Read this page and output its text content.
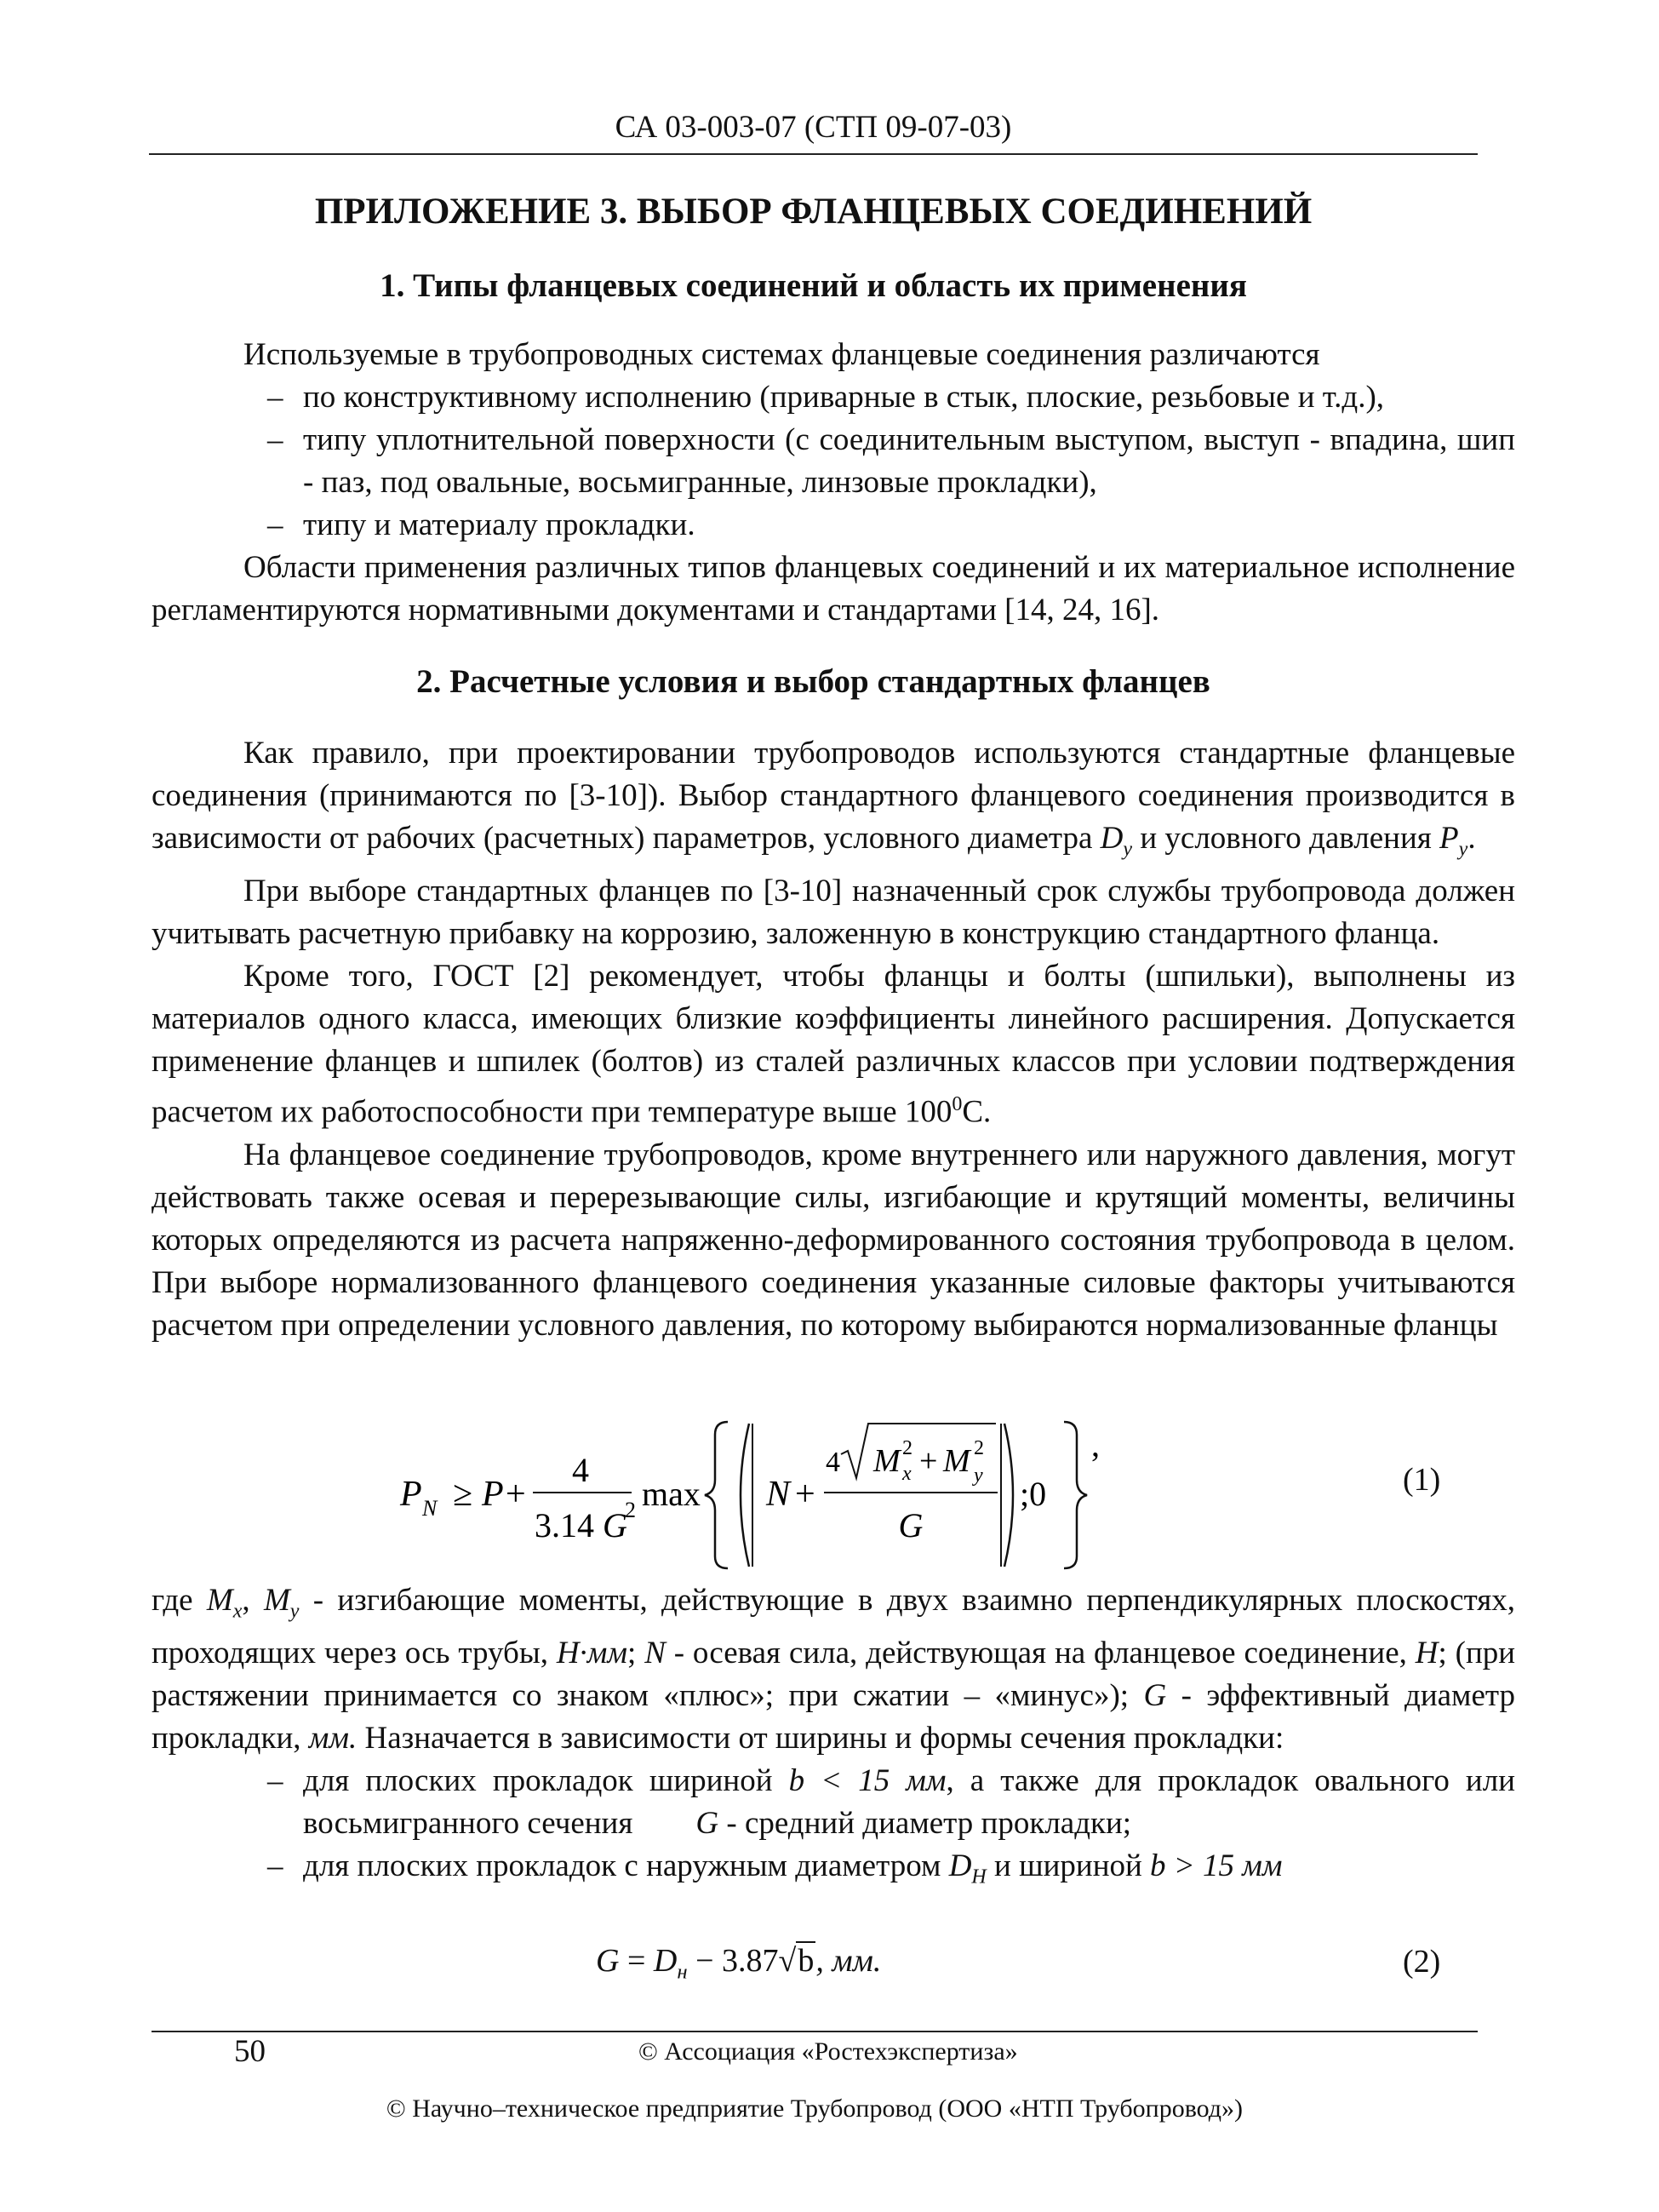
СА 03-003-07 (СТП 09-07-03)
ПРИЛОЖЕНИЕ 3. ВЫБОР ФЛАНЦЕВЫХ СОЕДИНЕНИЙ
1. Типы фланцевых соединений и область их применения

Используемые в трубопроводных системах фланцевые соединения различаются

– по конструктивному исполнению (приварные в стык, плоские, резьбовые и т.д.),
– типу уплотнительной поверхности (с соединительным выступом, выступ - впадина, шип - паз, под овальные, восьмигранные, линзовые прокладки),
– типу и материалу прокладки.

Области применения различных типов фланцевых соединений и их материальное исполнение регламентируются нормативными документами и стандартами [14, 24, 16].

2. Расчетные условия и выбор стандартных фланцев

Как правило, при проектировании трубопроводов используются стандартные фланцевые соединения (принимаются по [3-10]). Выбор стандартного фланцевого соединения производится в зависимости от рабочих (расчетных) параметров, условного диаметра $D_y$ и условного давления $P_y$.

При выборе стандартных фланцев по [3-10] назначенный срок службы трубопровода должен учитывать расчетную прибавку на коррозию, заложенную в конструкцию стандартного фланца.

Кроме того, ГОСТ [2] рекомендует, чтобы фланцы и болты (шпильки), выполнены из материалов одного класса, имеющих близкие коэффициенты линейного расширения. Допускается применение фланцев и шпилек (болтов) из сталей различных классов при условии подтверждения расчетом их работоспособности при температуре выше $100^0С$.

На фланцевое соединение трубопроводов, кроме внутреннего или наружного давления, могут действовать также осевая и перерезывающие силы, изгибающие и крутящий моменты, величины которых определяются из расчета напряженно-деформированного состояния трубопровода в целом. При выборе нормализованного фланцевого соединения указанные силовые факторы учитываются расчетом при определении условного давления, по которому выбираются нормализованные фланцы

P N ≥ P +
4
3.14 G
2 max N +
4 M 2
x + M 2
y
G
;0
,
(1)

где $M_x$, $M_y$ - изгибающие моменты, действующие в двух взаимно перпендикулярных плоскостях, проходящих через ось трубы, Н·мм; N - осевая сила, действующая на фланцевое соединение, Н; (при растяжении принимается со знаком «плюс»; при сжатии – «минус»); G - эффективный диаметр прокладки, мм. Назначается в зависимости от ширины и формы сечения прокладки:

– для плоских прокладок шириной b < 15 мм, а также для прокладок овального или восьмигранного сечения G - средний диаметр прокладки;
– для плоских прокладок с наружным диаметром $D_H$ и шириной b > 15 мм
$G = D_н - 3.87√b$, мм.	(2)
50	© Ассоциация «Ростехэкспертиза»
© Научно–техническое предприятие Трубопровод (ООО «НТП Трубопровод»)
